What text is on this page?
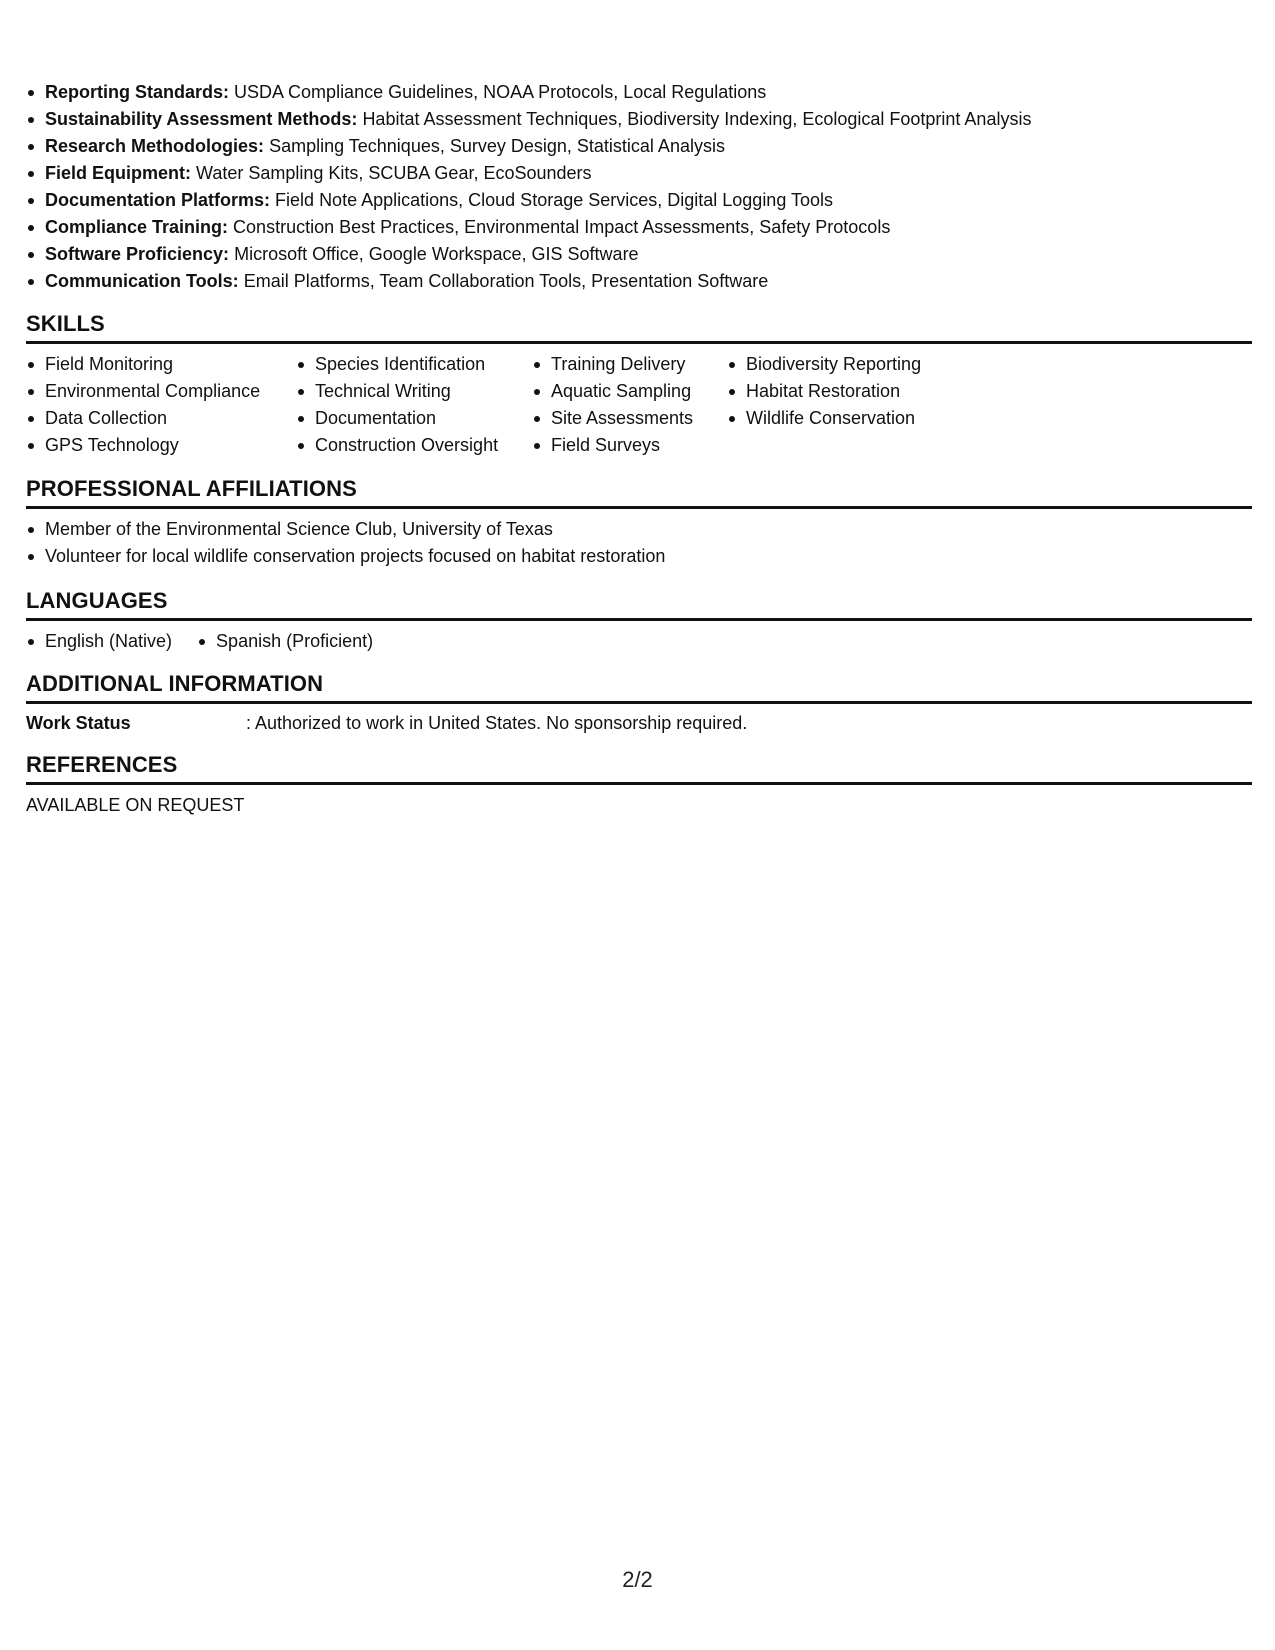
Reporting Standards: USDA Compliance Guidelines, NOAA Protocols, Local Regulations
Sustainability Assessment Methods: Habitat Assessment Techniques, Biodiversity Indexing, Ecological Footprint Analysis
Research Methodologies: Sampling Techniques, Survey Design, Statistical Analysis
Field Equipment: Water Sampling Kits, SCUBA Gear, EcoSounders
Documentation Platforms: Field Note Applications, Cloud Storage Services, Digital Logging Tools
Compliance Training: Construction Best Practices, Environmental Impact Assessments, Safety Protocols
Software Proficiency: Microsoft Office, Google Workspace, GIS Software
Communication Tools: Email Platforms, Team Collaboration Tools, Presentation Software
SKILLS
Field Monitoring
Environmental Compliance
Data Collection
GPS Technology
Species Identification
Technical Writing
Documentation
Construction Oversight
Training Delivery
Aquatic Sampling
Site Assessments
Field Surveys
Biodiversity Reporting
Habitat Restoration
Wildlife Conservation
PROFESSIONAL AFFILIATIONS
Member of the Environmental Science Club, University of Texas
Volunteer for local wildlife conservation projects focused on habitat restoration
LANGUAGES
English (Native)	Spanish (Proficient)
ADDITIONAL INFORMATION
Work Status	: Authorized to work in United States. No sponsorship required.
REFERENCES
AVAILABLE ON REQUEST
2/2
